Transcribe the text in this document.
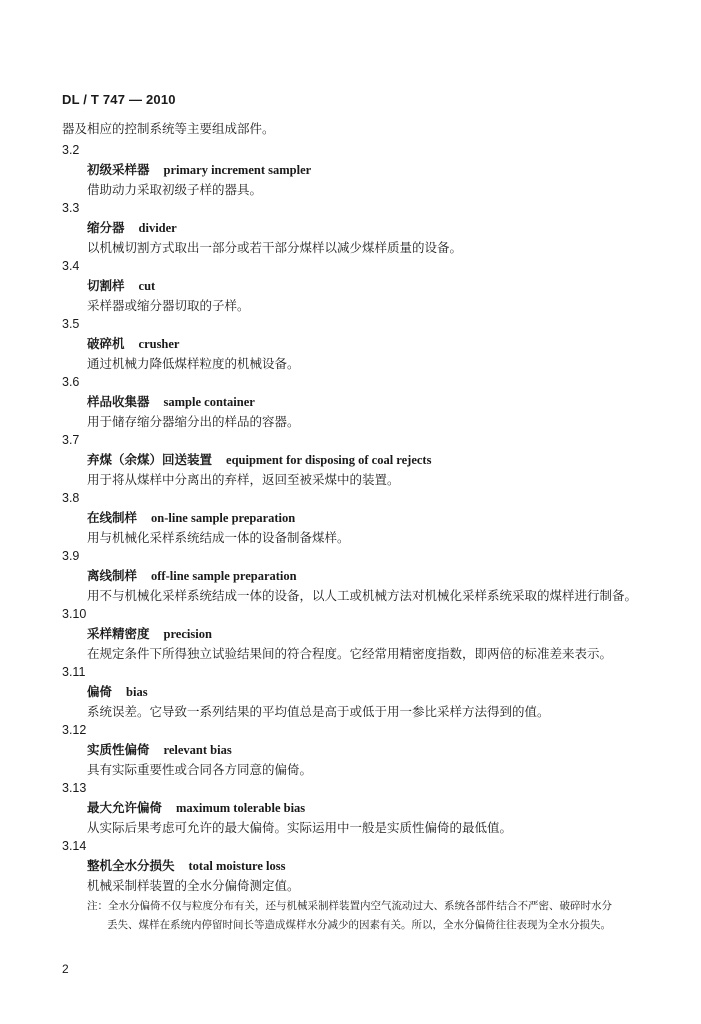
DL / T 747 — 2010
器及相应的控制系统等主要组成部件。
3.2
初级采样器 primary increment sampler
借助动力采取初级子样的器具。
3.3
缩分器 divider
以机械切割方式取出一部分或若干部分煤样以减少煤样质量的设备。
3.4
切割样 cut
采样器或缩分器切取的子样。
3.5
破碎机 crusher
通过机械力降低煤样粒度的机械设备。
3.6
样品收集器 sample container
用于储存缩分器缩分出的样品的容器。
3.7
弃煤（余煤）回送装置 equipment for disposing of coal rejects
用于将从煤样中分离出的弃样，返回至被采煤中的装置。
3.8
在线制样 on-line sample preparation
用与机械化采样系统结成一体的设备制备煤样。
3.9
离线制样 off-line sample preparation
用不与机械化采样系统结成一体的设备，以人工或机械方法对机械化采样系统采取的煤样进行制备。
3.10
采样精密度 precision
在规定条件下所得独立试验结果间的符合程度。它经常用精密度指数，即两倍的标准差来表示。
3.11
偏倚 bias
系统误差。它导致一系列结果的平均值总是高于或低于用一参比采样方法得到的值。
3.12
实质性偏倚 relevant bias
具有实际重要性或合同各方同意的偏倚。
3.13
最大允许偏倚 maximum tolerable bias
从实际后果考虑可允许的最大偏倚。实际运用中一般是实质性偏倚的最低值。
3.14
整机全水分损失 total moisture loss
机械采制样装置的全水分偏倚测定值。
注：全水分偏倚不仅与粒度分布有关，还与机械采制样装置内空气流动过大、系统各部件结合不严密、破碎时水分
丢失、煤样在系统内停留时间长等造成煤样水分减少的因素有关。所以，全水分偏倚往往表现为全水分损失。
2
